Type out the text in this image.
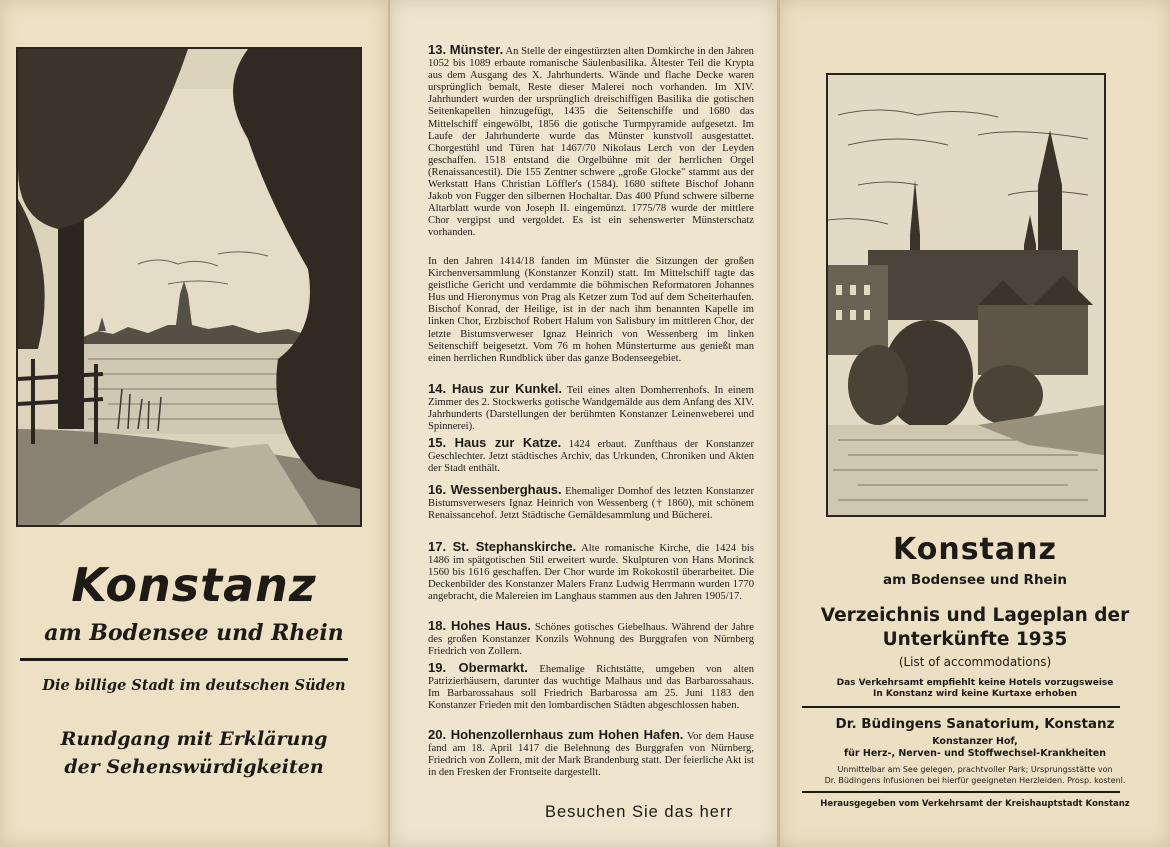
Konstanz
am Bodensee und Rhein
Die billige Stadt im deutschen Süden
Rundgang mit Erklärung
der Sehenswürdigkeiten
13. Münster. An Stelle der eingestürzten alten Domkirche in den Jahren 1052 bis 1089 erbaute romanische Säulenbasilika. Ältester Teil die Krypta aus dem Ausgang des X. Jahrhunderts. Wände und flache Decke waren ursprünglich bemalt, Reste dieser Malerei noch vorhanden. Im XIV. Jahrhundert wurden der ursprünglich dreischiffigen Basilika die gotischen Seitenkapellen hinzugefügt, 1435 die Seitenschiffe und 1680 das Mittelschiff eingewölbt, 1856 die gotische Turmpyramide aufgesetzt. Im Laufe der Jahrhunderte wurde das Münster kunstvoll ausgestattet. Chorgestühl und Türen hat 1467/70 Nikolaus Lerch von der Leyden geschaffen. 1518 entstand die Orgelbühne mit der herrlichen Orgel (Renaissancestil). Die 155 Zentner schwere „große Glocke" stammt aus der Werkstatt Hans Christian Löffler's (1584). 1680 stiftete Bischof Johann Jakob von Fugger den silbernen Hochaltar. Das 400 Pfund schwere silberne Altarblatt wurde von Joseph II. eingemünzt. 1775/78 wurde der mittlere Chor vergipst und vergoldet. Es ist ein sehenswerter Münsterschatz vorhanden.
In den Jahren 1414/18 fanden im Münster die Sitzungen der großen Kirchenversammlung (Konstanzer Konzil) statt. Im Mittelschiff tagte das geistliche Gericht und verdammte die böhmischen Reformatoren Johannes Hus und Hieronymus von Prag als Ketzer zum Tod auf dem Scheiterhaufen. Bischof Konrad, der Heilige, ist in der nach ihm benannten Kapelle im linken Chor, Erzbischof Robert Halum von Salisbury im mittleren Chor, der letzte Bistumsverweser Ignaz Heinrich von Wessenberg im linken Seitenschiff beigesetzt. Vom 76 m hohen Münsterturme aus genießt man einen herrlichen Rundblick über das ganze Bodenseegebiet.
14. Haus zur Kunkel. Teil eines alten Domherrenhofs. In einem Zimmer des 2. Stockwerks gotische Wandgemälde aus dem Anfang des XIV. Jahrhunderts (Darstellungen der berühmten Konstanzer Leinenweberei und Spinnerei).
15. Haus zur Katze. 1424 erbaut. Zunfthaus der Konstanzer Geschlechter. Jetzt städtisches Archiv, das Urkunden, Chroniken und Akten der Stadt enthält.
16. Wessenberghaus. Ehemaliger Domhof des letzten Konstanzer Bistumsverwesers Ignaz Heinrich von Wessenberg († 1860), mit schönem Renaissancehof. Jetzt Städtische Gemäldesammlung und Bücherei.
17. St. Stephanskirche. Alte romanische Kirche, die 1424 bis 1486 im spätgotischen Stil erweitert wurde. Skulpturen von Hans Morinck 1560 bis 1616 geschaffen. Der Chor wurde im Rokokostil überarbeitet. Die Deckenbilder des Konstanzer Malers Franz Ludwig Herrmann wurden 1770 angebracht, die Malereien im Langhaus stammen aus den Jahren 1905/17.
18. Hohes Haus. Schönes gotisches Giebelhaus. Während der Jahre des großen Konstanzer Konzils Wohnung des Burggrafen von Nürnberg Friedrich von Zollern.
19. Obermarkt. Ehemalige Richtstätte, umgeben von alten Patrizierhäusern, darunter das wuchtige Malhaus und das Barbarossahaus. Im Barbarossahaus soll Friedrich Barbarossa am 25. Juni 1183 den Konstanzer Frieden mit den lombardischen Städten abgeschlossen haben.
20. Hohenzollernhaus zum Hohen Hafen. Vor dem Hause fand am 18. April 1417 die Belehnung des Burggrafen von Nürnberg, Friedrich von Zollern, mit der Mark Brandenburg statt. Der feierliche Akt ist in den Fresken der Frontseite dargestellt.
Besuchen Sie das herr
Konstanz
am Bodensee und Rhein
Verzeichnis und Lageplan der
Unterkünfte 1935
(List of accommodations)
Das Verkehrsamt empfiehlt keine Hotels vorzugsweise
In Konstanz wird keine Kurtaxe erhoben
Dr. Büdingens Sanatorium, Konstanz
Konstanzer Hof,
für Herz-, Nerven- und Stoffwechsel-Krankheiten
Unmittelbar am See gelegen, prachtvoller Park; Ursprungsstätte von
Dr. Büdingens Infusionen bei hierfür geeigneten Herzleiden. Prosp. kostenl.
Herausgegeben vom Verkehrsamt der Kreishauptstadt Konstanz
